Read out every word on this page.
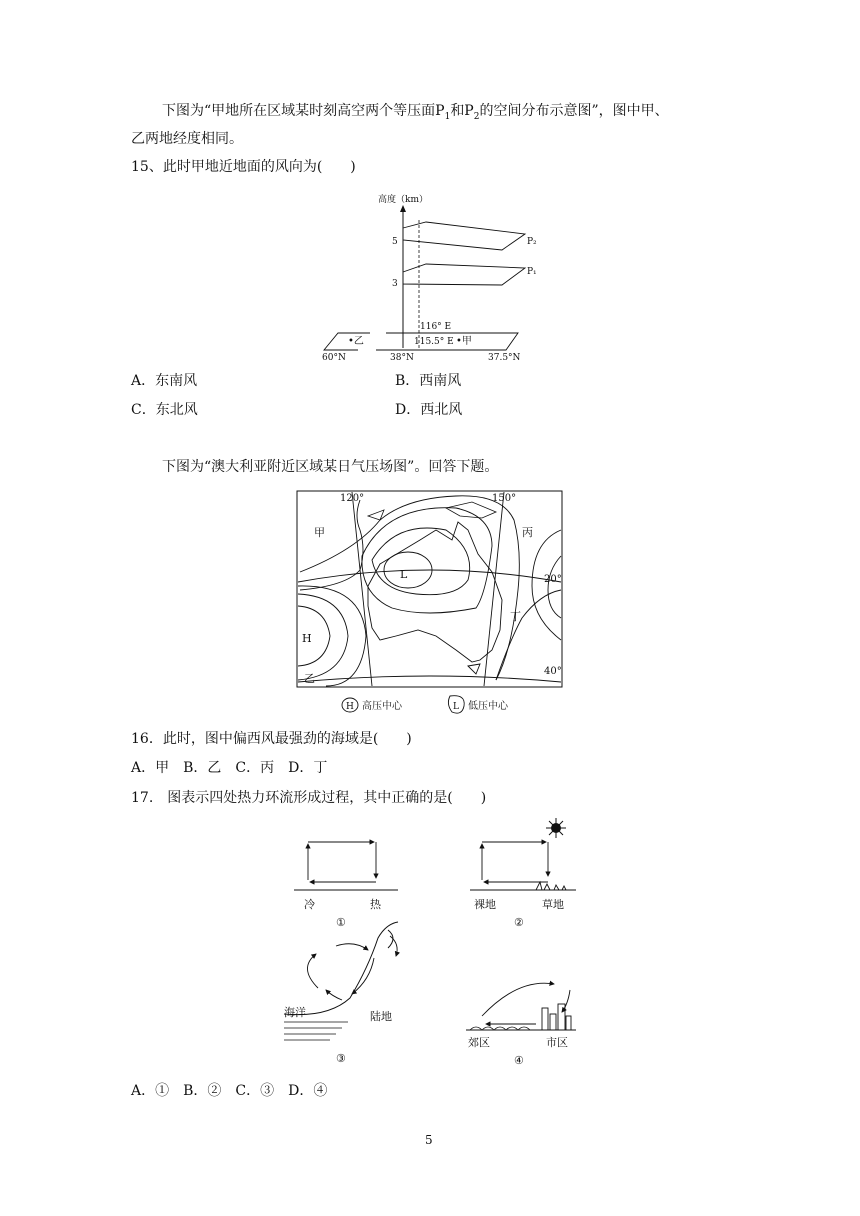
下图为“甲地所在区域某时刻高空两个等压面$P_1$和$P_2$的空间分布示意图”，图中甲、
乙两地经度相同。
15、此时甲地近地面的风向为(　　)
高度（km）
5
3
P₂
P₁
116° E
115.5° E
•乙	•甲
60°N	38°N	37.5°N
A．东南风	B．西南风
C．东北风	D．西北风
下图为“澳大利亚附近区域某日气压场图”。回答下题。
120°	150°
20°
40°
甲
乙
丙
丁
L
H
H 高压中心	L 低压中心
16．此时，图中偏西风最强劲的海域是(　　)
A．甲　B．乙　C．丙　D．丁
17.　图表示四处热力环流形成过程，其中正确的是(　　)
冷	热
①
裸地	草地
②
海洋	陆地
③
郊区	市区
④
A．①　B．②　C．③　D．④
5
